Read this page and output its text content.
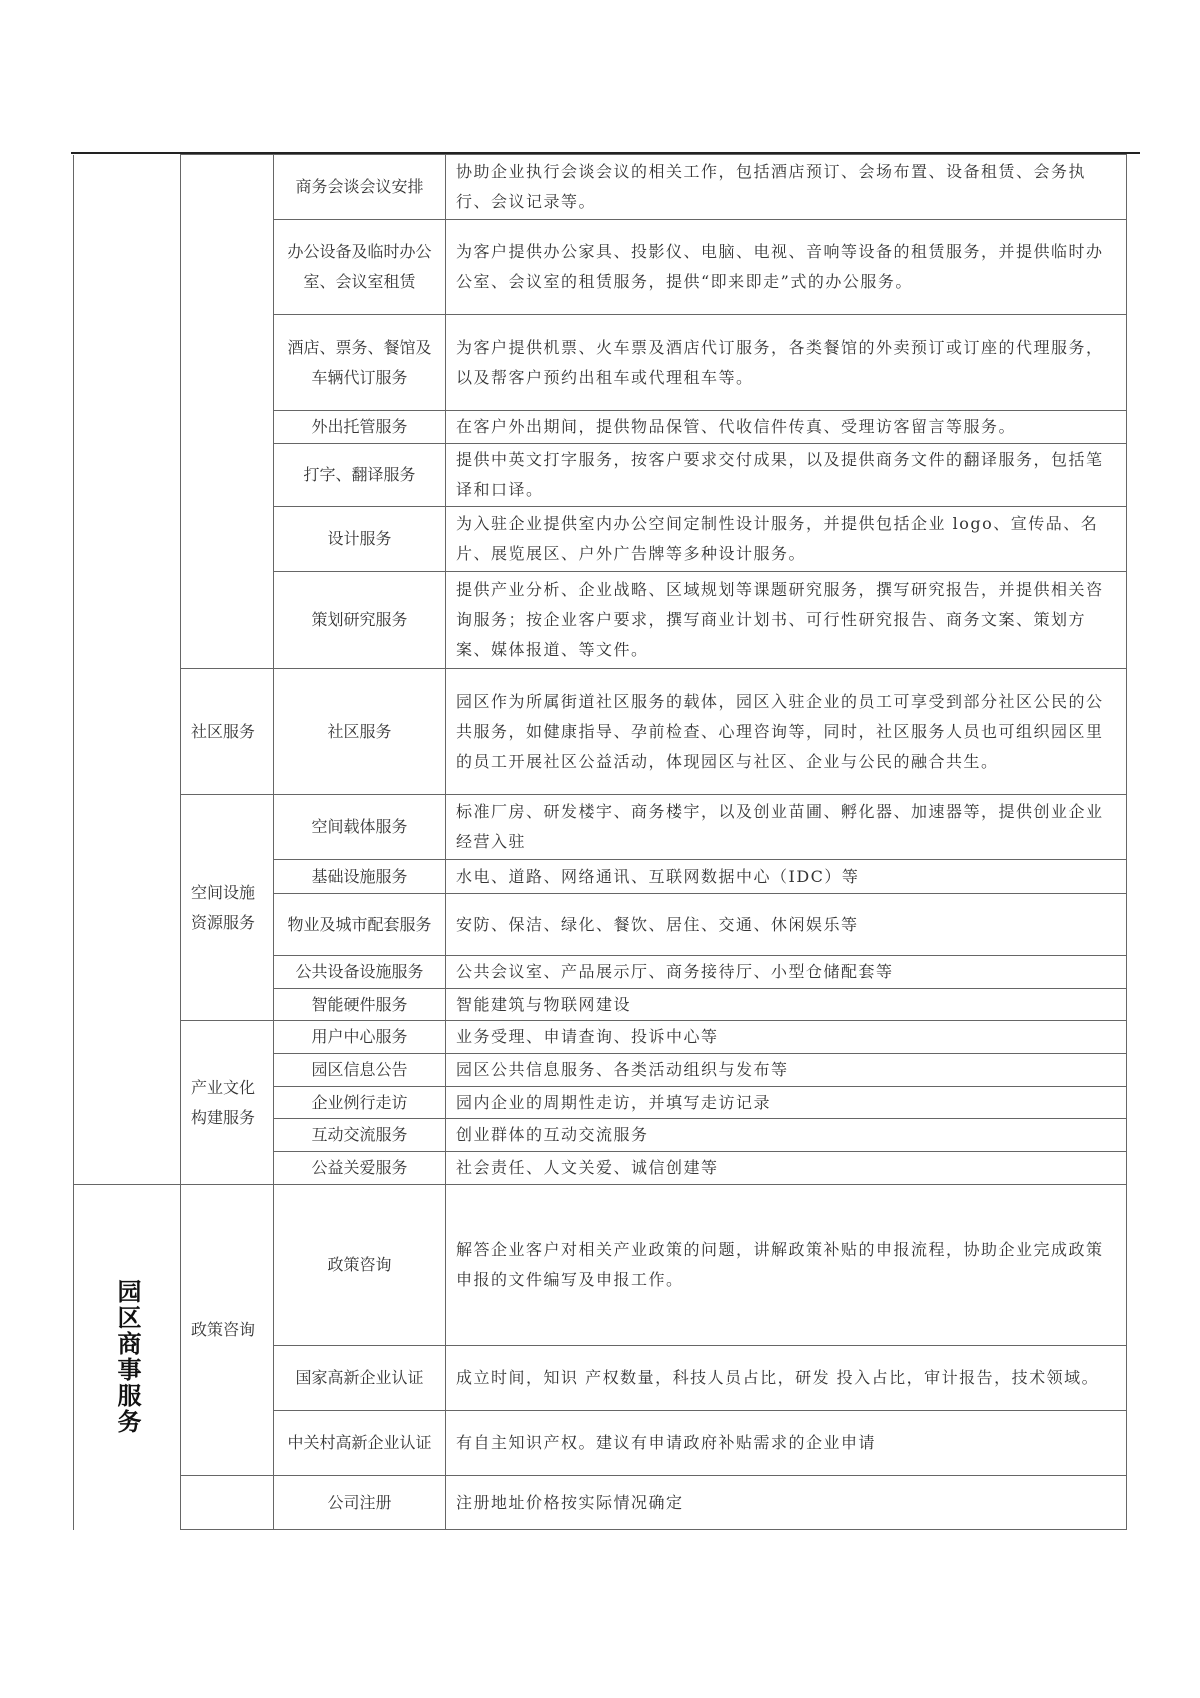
		商务会谈会议安排	协助企业执行会谈会议的相关工作，包括酒店预订、会场布置、设备租赁、会务执行、会议记录等。
		办公设备及临时办公室、会议室租赁	为客户提供办公家具、投影仪、电脑、电视、音响等设备的租赁服务，并提供临时办公室、会议室的租赁服务，提供“即来即走”式的办公服务。
		酒店、票务、餐馆及车辆代订服务	为客户提供机票、火车票及酒店代订服务，各类餐馆的外卖预订或订座的代理服务，以及帮客户预约出租车或代理租车等。
		外出托管服务	在客户外出期间，提供物品保管、代收信件传真、受理访客留言等服务。
		打字、翻译服务	提供中英文打字服务，按客户要求交付成果，以及提供商务文件的翻译服务，包括笔译和口译。
		设计服务	为入驻企业提供室内办公空间定制性设计服务，并提供包括企业 logo、宣传品、名片、展览展区、户外广告牌等多种设计服务。
		策划研究服务	提供产业分析、企业战略、区域规划等课题研究服务，撰写研究报告，并提供相关咨询服务；按企业客户要求，撰写商业计划书、可行性研究报告、商务文案、策划方案、媒体报道、等文件。
	社区服务	社区服务	园区作为所属街道社区服务的载体，园区入驻企业的员工可享受到部分社区公民的公共服务，如健康指导、孕前检查、心理咨询等，同时，社区服务人员也可组织园区里的员工开展社区公益活动，体现园区与社区、企业与公民的融合共生。
	空间设施资源服务	空间载体服务	标准厂房、研发楼宇、商务楼宇，以及创业苗圃、孵化器、加速器等，提供创业企业经营入驻
		基础设施服务	水电、道路、网络通讯、互联网数据中心（IDC）等
		物业及城市配套服务	安防、保洁、绿化、餐饮、居住、交通、休闲娱乐等
		公共设备设施服务	公共会议室、产品展示厅、商务接待厅、小型仓储配套等
		智能硬件服务	智能建筑与物联网建设
	产业文化构建服务	用户中心服务	业务受理、申请查询、投诉中心等
		园区信息公告	园区公共信息服务、各类活动组织与发布等
		企业例行走访	园内企业的周期性走访，并填写走访记录
		互动交流服务	创业群体的互动交流服务
		公益关爱服务	社会责任、人文关爱、诚信创建等

园区商事服务	政策咨询	政策咨询	解答企业客户对相关产业政策的问题，讲解政策补贴的申报流程，协助企业完成政策申报的文件编写及申报工作。
		国家高新企业认证	成立时间，知识 产权数量，科技人员占比，研发 投入占比，审计报告，技术领域。
		中关村高新企业认证	有自主知识产权。建议有申请政府补贴需求的企业申请
		公司注册	注册地址价格按实际情况确定
